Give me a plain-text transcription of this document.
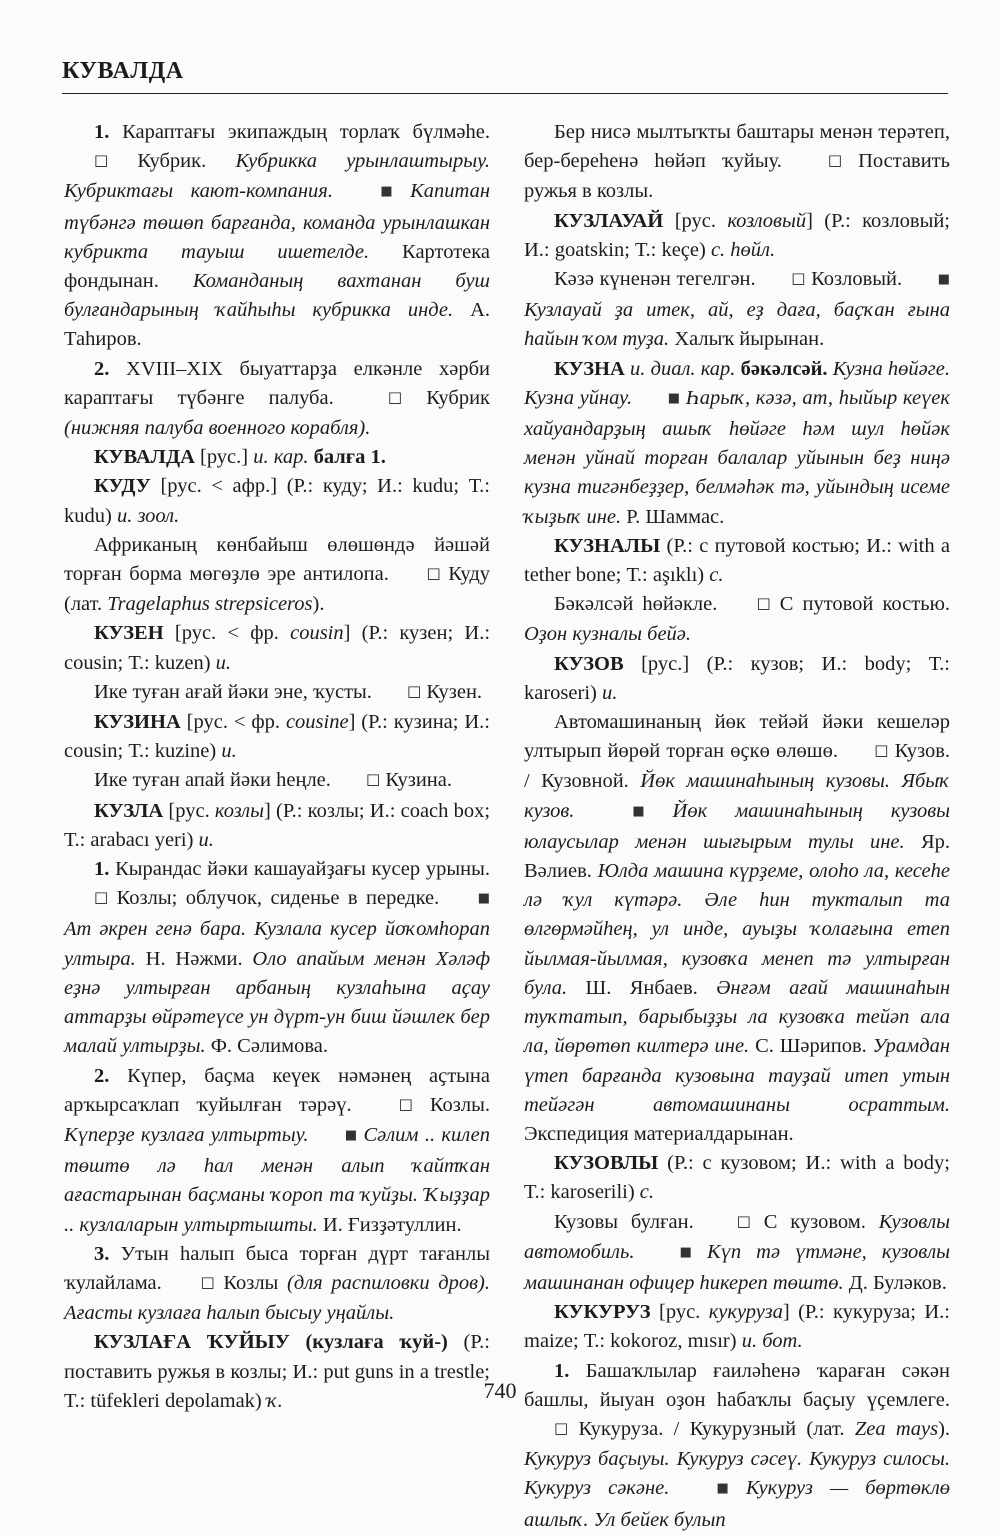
КУВАЛДА

1. Караптағы экипаждың торлаҡ бүлмәһе. □ Кубрик. Кубрикка урынлаштырыу. Кубриктағы кают-компания.	■ Капитан түбәнгә төшөп барғанда, команда урынлашкан кубрикта тауыш ишетелде. Картотека фондынан. Команданың вахтанан буш булғандарының ҡайһыһы кубрикка инде. А. Таһиров.

2. XVIII–XIX быуаттарҙа елкәнле хәрби караптағы түбәнге палуба.	□ Кубрик (нижняя палуба военного корабля).

КУВАЛДА [рус.] и. кар. балға 1.

КУДУ [рус. < афр.] (Р.: куду; И.: kudu; Т.: kudu) и. зоол.

Африканың көнбайыш өлөшөндә йәшәй торған борма мөгөҙлө эре антилопа.	□ Куду (лат. Tragelaphus strepsiceros).

КУЗЕН [рус. < фр. cousin] (Р.: кузен; И.: cousin; Т.: kuzen) и.

Ике туған ағай йәки эне, ҡусты. □ Кузен.

КУЗИНА [рус. < фр. cousine] (Р.: кузина; И.: cousin; Т.: kuzine) и.

Ике туған апай йәки һеңле. □ Кузина.

КУЗЛА [рус. козлы] (Р.: козлы; И.: coach box; Т.: arabacı yeri) и.

1. Кырандас йәки кашауайҙағы кусер урыны. □ Козлы; облучок, сиденье в передке.	■ Ат әкрен генә бара. Кузлала кусер йоҡомһорап ултыра. Н. Нәжми. Оло апайым менән Хәләф еҙнә ултырған арбаның кузлаһына аҫау аттарҙы өйрәтеүсе ун дүрт-ун биш йәшлек бер малай ултырҙы. Ф. Сәлимова.

2. Күпер, баҫма кеүек нәмәнең аҫтына арҡырсаҡлап ҡуйылған тәрәү.	□ Козлы. Күперҙе кузлаға ултыртыу.	■ Сәлим .. килеп төштө лә һал менән алып ҡайтҡан ағастарынан баҫманы ҡороп та ҡуйҙы. Ҡыҙҙар .. кузлаларын ултыртышты. И. Ғизҙәтуллин.

3. Утын һалып быса торған дүрт тағанлы ҡулайлама.	□ Козлы (для распиловки дров). Ағасты кузлаға һалып бысыу уңайлы.

КУЗЛАҒА ҠУЙЫУ (кузлаға ҡуй-) (Р.: поставить ружья в козлы; И.: put guns in a trestle; Т.: tüfekleri depolamak) ҡ.

Бер нисә мылтыҡты баштары менән терәтеп, бер-береһенә һөйәп ҡуйыу.	□ Поставить ружья в козлы.

КУЗЛАУАЙ [рус. козловый] (Р.: козловый; И.: goatskin; Т.: keçe) с. һөйл.

Кәзә күненән тегелгән. □ Козловый.	■ Кузлауай ҙа итек, ай, еҙ дағa, баҫҡан ғына һайын ҡом туҙа. Халыҡ йырынан.

КУЗНА и. диал. кар. бәкәлсәй. Кузна һөйәге. Кузна уйнау.	■ Һарыҡ, кәзә, ат, һыйыр кеүек хайуандарҙың ашыҡ һөйәге һәм шул һөйәк менән уйнай торған балалар уйынын беҙ ниңә кузна тигәнбеҙҙер, белмәһәк тә, уйындың исеме ҡыҙыҡ ине. Р. Шаммас.

КУЗНАЛЫ (Р.: с путовой костью; И.: with a tether bone; Т.: aşıklı) с.

Бәкәлсәй һөйәкле.	□ С путовой костью. Оҙон кузналы бейә.

КУЗОВ [рус.] (Р.: кузов; И.: body; Т.: karoseri) и.

Автомашинаның йөк тейәй йәки кешеләр ултырып йөрөй торған өҫкө өлөшө. □ Кузов. / Кузовной. Йөк машинаһының кузовы. Ябыҡ кузов.	■ Йөк машинаһының кузовы юлаусылар менән шығырым тулы ине. Яр. Вәлиев. Юлда машина күрҙеме, олоһо ла, кесеһе лә ҡул күтәрә. Әле һин тукталып та өлгөрмәйһең, ул инде, ауыҙы ҡолағына етеп йылмая-йылмая, кузовҡа менеп тә ултырған була. Ш. Янбаев. Әнғәм ағай машинаһын туҡтатып, барыбыҙҙы ла кузовҡа тейәп ала ла, йөрөтөп килтерә ине. С. Шәрипов. Урамдан үтеп барғанда кузовына тауҙай итеп утын тейәгән автомашинаны осраттым. Экспедиция материалдарынан.

КУЗОВЛЫ (Р.: с кузовом; И.: with a body; Т.: karoserili) с.

Кузовы булған.	□ С кузовом. Кузовлы автомобиль.	■ Күп тә үтмәне, кузовлы машинанан офицер һикереп төштө. Д. Буләков.

КУКУРУЗ [рус. кукуруза] (Р.: кукуруза; И.: maize; Т.: kokoroz, mısır) и. бот.

1. Башаҡлылар ғаиләһенә ҡараған сәкән башлы, йыуан оҙон һабаҡлы баҫыу үҫемлеге. □ Кукуруза. / Кукурузный (лат. Zea mays). Кукуруз баҫыуы. Кукуруз сәсеү. Кукуруз силосы. Кукуруз сәкәне.	■ Кукуруз — бөртөклө ашлыҡ. Ул бейек булып

740
